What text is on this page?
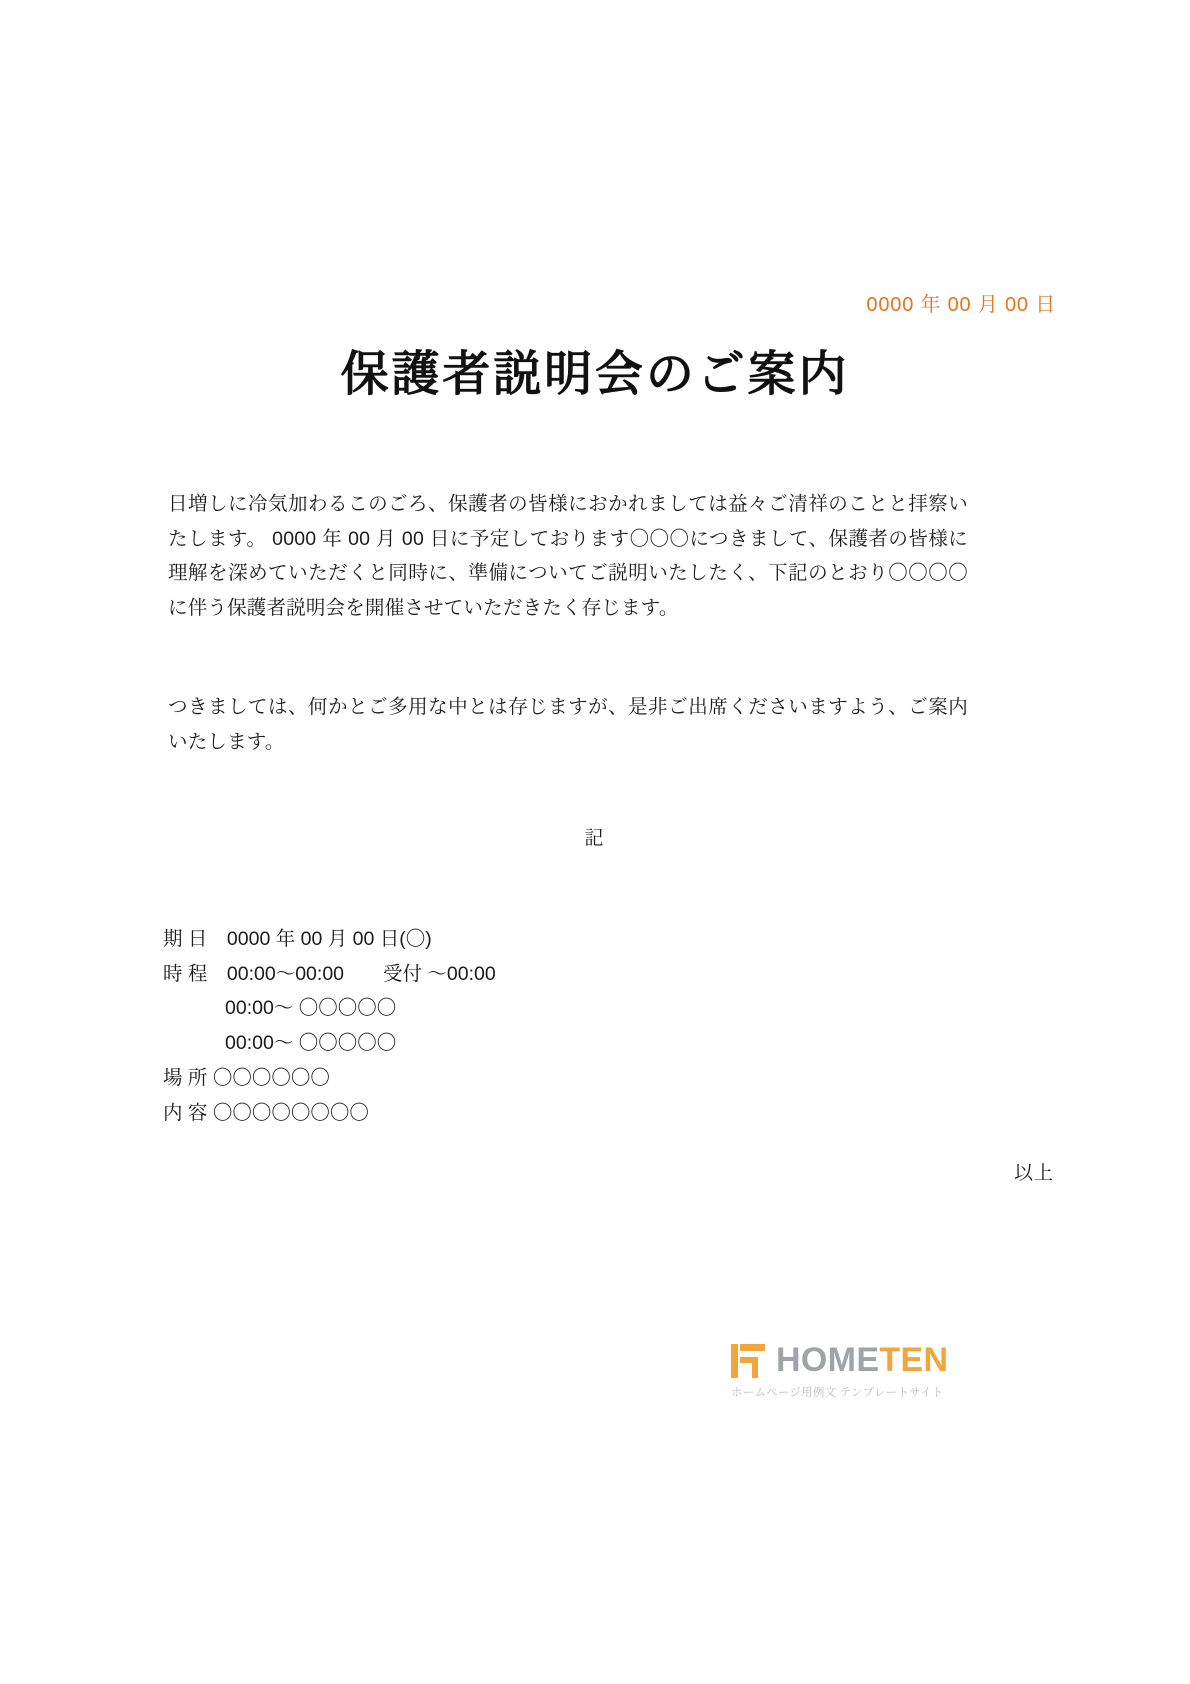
0000 年 00 月 00 日
保護者説明会のご案内
日増しに冷気加わるこのごろ、保護者の皆様におかれましては益々ご清祥のことと拝察いたします。 0000 年 00 月 00 日に予定しております〇〇〇につきまして、保護者の皆様に理解を深めていただくと同時に、準備についてご説明いたしたく、下記のとおり〇〇〇〇に伴う保護者説明会を開催させていただきたく存じます。
つきましては、何かとご多用な中とは存じますが、是非ご出席くださいますよう、ご案内いたします。
記
期 日　0000 年 00 月 00 日(〇)
時 程　00:00〜00:00　　受付 〜00:00
00:00〜 〇〇〇〇〇
00:00〜 〇〇〇〇〇
場 所 〇〇〇〇〇〇
内 容 〇〇〇〇〇〇〇〇
以上
HOMETEN
ホームページ用例文 テンプレートサイト
